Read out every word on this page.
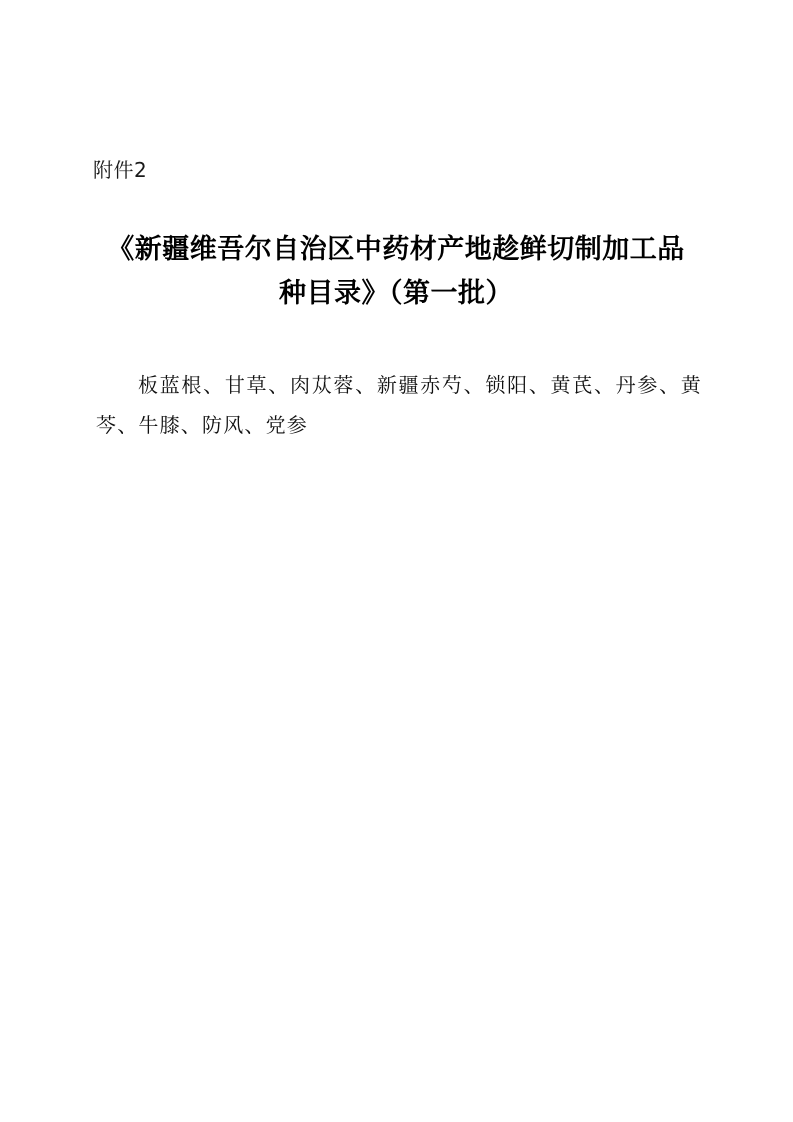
附件2
《新疆维吾尔自治区中药材产地趁鲜切制加工品种目录》（第一批）
板蓝根、甘草、肉苁蓉、新疆赤芍、锁阳、黄芪、丹参、黄芩、牛膝、防风、党参
